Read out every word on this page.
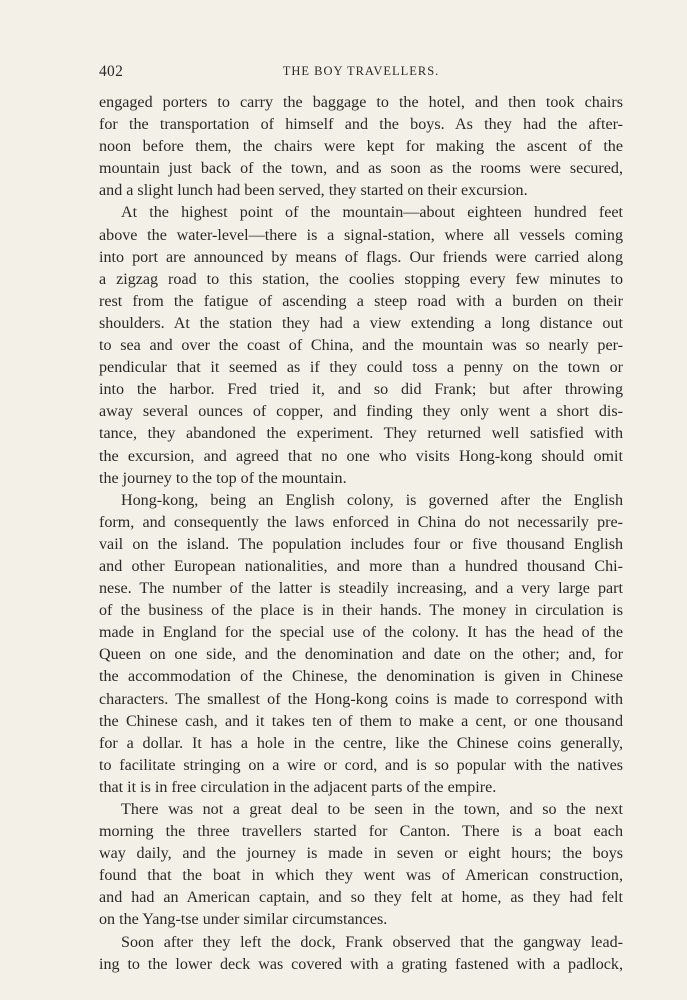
402	THE BOY TRAVELLERS.
engaged porters to carry the baggage to the hotel, and then took chairs
for the transportation of himself and the boys. As they had the after-
noon before them, the chairs were kept for making the ascent of the
mountain just back of the town, and as soon as the rooms were secured,
and a slight lunch had been served, they started on their excursion.
At the highest point of the mountain—about eighteen hundred feet
above the water-level—there is a signal-station, where all vessels coming
into port are announced by means of flags. Our friends were carried along
a zigzag road to this station, the coolies stopping every few minutes to
rest from the fatigue of ascending a steep road with a burden on their
shoulders. At the station they had a view extending a long distance out
to sea and over the coast of China, and the mountain was so nearly per-
pendicular that it seemed as if they could toss a penny on the town or
into the harbor. Fred tried it, and so did Frank; but after throwing
away several ounces of copper, and finding they only went a short dis-
tance, they abandoned the experiment. They returned well satisfied with
the excursion, and agreed that no one who visits Hong-kong should omit
the journey to the top of the mountain.
Hong-kong, being an English colony, is governed after the English
form, and consequently the laws enforced in China do not necessarily pre-
vail on the island. The population includes four or five thousand English
and other European nationalities, and more than a hundred thousand Chi-
nese. The number of the latter is steadily increasing, and a very large part
of the business of the place is in their hands. The money in circulation is
made in England for the special use of the colony. It has the head of the
Queen on one side, and the denomination and date on the other; and, for
the accommodation of the Chinese, the denomination is given in Chinese
characters. The smallest of the Hong-kong coins is made to correspond with
the Chinese cash, and it takes ten of them to make a cent, or one thousand
for a dollar. It has a hole in the centre, like the Chinese coins generally,
to facilitate stringing on a wire or cord, and is so popular with the natives
that it is in free circulation in the adjacent parts of the empire.
There was not a great deal to be seen in the town, and so the next
morning the three travellers started for Canton. There is a boat each
way daily, and the journey is made in seven or eight hours; the boys
found that the boat in which they went was of American construction,
and had an American captain, and so they felt at home, as they had felt
on the Yang-tse under similar circumstances.
Soon after they left the dock, Frank observed that the gangway lead-
ing to the lower deck was covered with a grating fastened with a padlock,
